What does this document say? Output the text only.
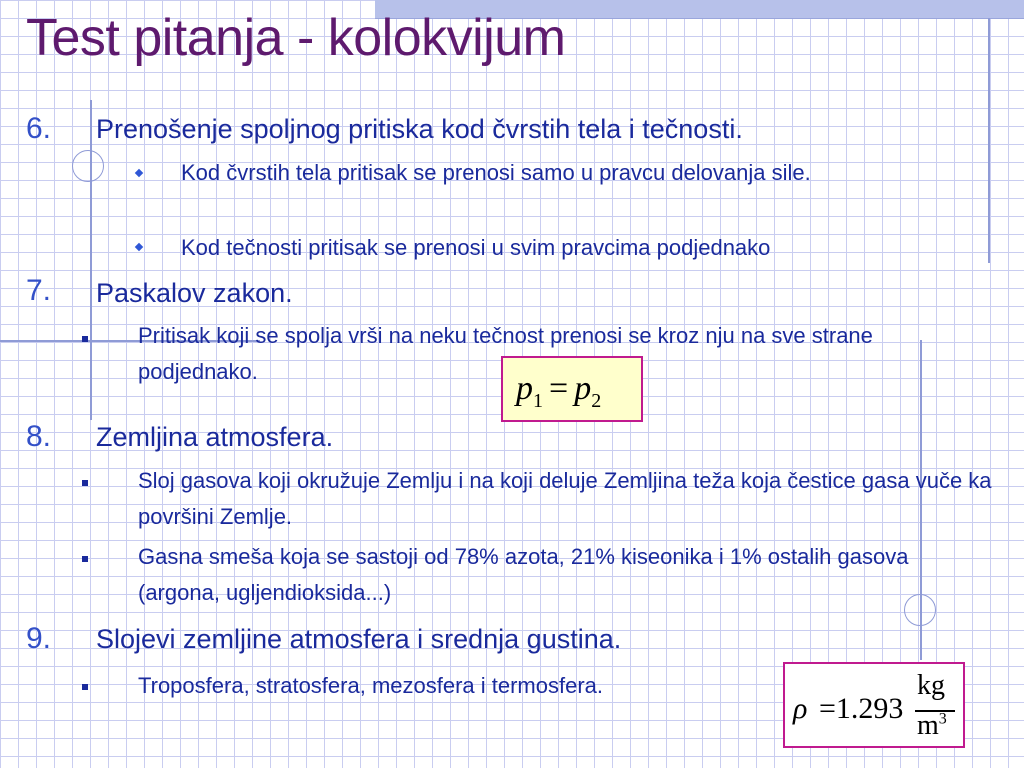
Test pitanja - kolokvijum
6. Prenošenje spoljnog pritiska kod čvrstih tela i tečnosti.
Kod čvrstih tela pritisak se prenosi samo u pravcu delovanja sile.
Kod tečnosti pritisak se prenosi u svim pravcima podjednako
7. Paskalov zakon.
Pritisak koji se spolja vrši na neku tečnost prenosi se kroz nju na sve strane podjednako.	$p_1 = p_2$
8. Zemljina atmosfera.
Sloj gasova koji okružuje Zemlju i na koji deluje Zemljina teža koja čestice gasa vuče ka površini Zemlje.
Gasna smeša koja se sastoji od 78% azota, 21% kiseonika i 1% ostalih gasova (argona, ugljendioksida...)
9. Slojevi zemljine atmosfera i srednja gustina.
Troposfera, stratosfera, mezosfera i termosfera.
ρ =1.293
kg
$m^3$
